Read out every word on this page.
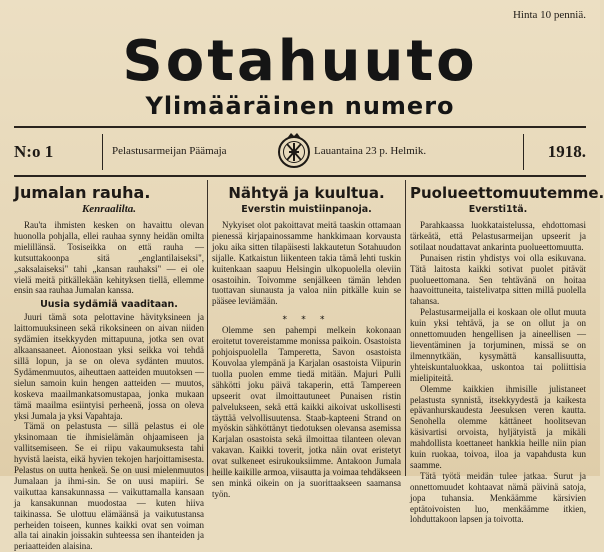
Hinta 10 penniä.
Sotahuuto
Ylimääräinen numero
N:o 1	Pelastusarmeijan Päämaja	Lauantaina 23 p. Helmik.	1918.
Jumalan rauha.
Kenraalilta.

Rau'ta ihmisten kesken on havaittu olevan huonolla pohjalla, ellei rauhaa synny heidän omilta mielillänsä. Tosiseikka on että rauha — kutsuttakoonpa sitä „englantilaiseksi", „saksalaiseksi" tahi „kansan rauhaksi" — ei ole vielä meitä pitkällekään kehityksen tiellä, ellemme ensin saa rauhaa Jumalan kanssa.

Uusia sydämiä vaaditaan.

Juuri tämä sota pelottavine hävityksineen ja laittomuuksineen sekä rikoksineen on aivan niiden sydämien itsekkyyden mittapuuna, jotka sen ovat alkaansaaneet. Aionostaan yksi seikka voi tehdä sillä lopun, ja se on oleva sydänten muutos. Sydämenmuutos, aiheuttaen aatteiden muutoksen — sielun samoin kuin hengen aatteiden — muutos, koskeva maailmankatsomustapaa, jonka mukaan tämä maailma esiintyisi perheenä, jossa on oleva yksi Jumala ja yksi Vapahtaja.

Tämä on pelastusta — sillä pelastus ei ole yksinomaan tie ihmisielämän ohjaamiseen ja vallitsemiseen. Se ei riipu vakaumuksesta tahi hyvistä laeista, eikä hyvien tekojen harjoittamisesta. Pelastus on uutta henkeä. Se on uusi mielenmuutos Jumalaan ja ihmi-sin. Se on uusi mapiiri. Se vaikuttaa kansakunnassa — vaikuttamalla kansaan ja kansakunnan muodostaa — kuten hiiva taikinassa. Se ulottuu elämäänsä ja vaikutustansa perheiden toiseen, kunnes kaikki ovat sen voiman alla tai ainakin joissakin suhteessa sen ihanteiden ja periaatteiden alaisina.

Nähtyä ja kuultua.
Everstin muistiinpanoja.

Nykyiset olot pakoittavat meitä taaskin ottamaan pienessä kirjapainossamme hankkimaan korvausta joku aika sitten tilapäisesti lakkautetun Sotahuudon sijalle. Katkaistun liikenteen takia tämä lehti tuskin kuitenkaan saapuu Helsingin ulkopuolella oleviin osastoihin. Toivomme senjälkeen tämän lehden tuottavan siunausta ja valoa niin pitkälle kuin se pääsee leviämään.

⁎ ⁎ ⁎

Olemme sen pahempi melkein kokonaan eroitetut tovereistamme monissa paikoin. Osastoista pohjoispuolella Tamperetta, Savon osastoista Kouvolaa ylempänä ja Karjalan osastoista Viipurin tuolla puolen emme tiedä mitään. Majuri Pulli sähkötti joku päivä takaperin, että Tampereen upseerit ovat ilmoittautuneet Punaisen ristin palvelukseen, sekä että kaikki aikoivat uskollisesti täyttää velvollisuutensa. Staab-kapteeni Strand on myöskin sähköttänyt tiedotuksen olevansa asemissa Karjalan osastoista sekä ilmoittaa tilanteen olevan vakavan. Kaikki toverit, jotka näin ovat eristetyt ovat sulkeneet esirukouksiimme. Antakoon Jumala heille kaikille armoa, viisautta ja voimaa tehdäkseen sen minkä oikein on ja suorittaakseen saamansa työn.

Puolueettomuutemme.
Eversti1tä.

Parahkaassa luokkataistelussa, ehdottomasi tärkeätä, että Pelastusarmeijan upseerit ja sotilaat noudattavat ankarinta puolueettomuutta.

Punaisen ristin yhdistys voi olla esikuvana. Tätä laitosta kaikki sotivat puolet pitävät puolueettomana. Sen tehtävänä on hoitaa haavoittuneita, taistelivatpa sitten millä puolella tahansa.

Pelastusarmeijalla ei koskaan ole ollut muuta kuin yksi tehtävä, ja se on ollut ja on onnettomuuden hengellisen ja aineellisen — lieventäminen ja torjuminen, missä se on ilmennytkään, kysymättä kansallisuutta, yhteiskuntaluokkaa, uskontoa tai poliittisia mielipiteitä.

Olemme kaikkien ihmisille julistaneet pelastusta synnistä, itsekkyydestä ja kaikesta epävanhurskaudesta Jeesuksen veren kautta. Senohella olemme kättäneet hoolitsevan käsivartisi orvoista, hyljätyistä ja mikäli mahdollista koettaneet hankkia heille niin pian kuin ruokaa, toivoa, iloa ja vapahdusta kun saamme.

Tätä työtä meidän tulee jatkaa. Surut ja onnettomuudet kohtaavat nämä päivinä satoja, jopa tuhansia. Menkäämme kärsivien eptätoivoisten luo, menkäämme itkien, lohduttakoon lapsen ja toivotta.
